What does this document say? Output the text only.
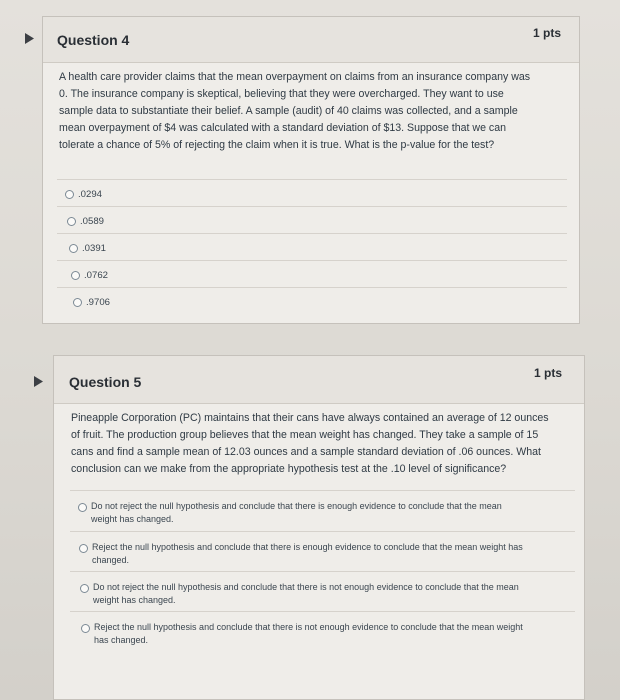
Question 4	1 pts
A health care provider claims that the mean overpayment on claims from an insurance company was
0. The insurance company is skeptical, believing that they were overcharged. They want to use
sample data to substantiate their belief. A sample (audit) of 40 claims was collected, and a sample
mean overpayment of $4 was calculated with a standard deviation of $13. Suppose that we can
tolerate a chance of 5% of rejecting the claim when it is true. What is the p-value for the test?
.0294
.0589
.0391
.0762
.9706
Question 5
1 pts
Pineapple Corporation (PC) maintains that their cans have always contained an average of 12 ounces
of fruit. The production group believes that the mean weight has changed. They take a sample of 15
cans and find a sample mean of 12.03 ounces and a sample standard deviation of .06 ounces. What
conclusion can we make from the appropriate hypothesis test at the .10 level of significance?
Do not reject the null hypothesis and conclude that there is enough evidence to conclude that the mean
weight has changed.
Reject the null hypothesis and conclude that there is enough evidence to conclude that the mean weight has
changed.
Do not reject the null hypothesis and conclude that there is not enough evidence to conclude that the mean
weight has changed.
Reject the null hypothesis and conclude that there is not enough evidence to conclude that the mean weight
has changed.
